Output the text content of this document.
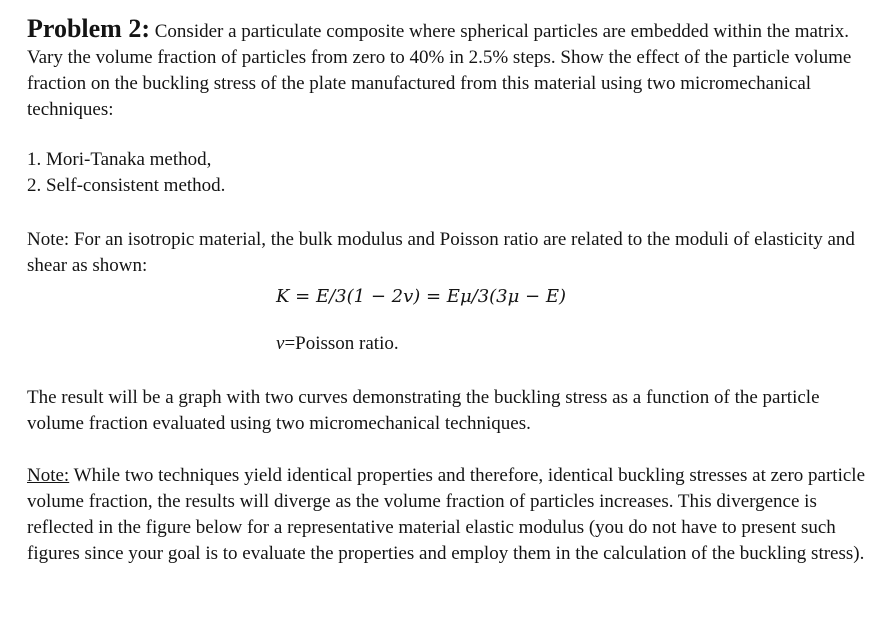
Problem 2: Consider a particulate composite where spherical particles are embedded within the matrix. Vary the volume fraction of particles from zero to 40% in 2.5% steps. Show the effect of the particle volume fraction on the buckling stress of the plate manufactured from this material using two micromechanical techniques:

1. Mori-Tanaka method,

2. Self-consistent method.

Note: For an isotropic material, the bulk modulus and Poisson ratio are related to the moduli of elasticity and shear as shown:

K = E/3(1 − 2v) = Eμ/3(3μ − E)

v=Poisson ratio.

The result will be a graph with two curves demonstrating the buckling stress as a function of the particle volume fraction evaluated using two micromechanical techniques.

Note: While two techniques yield identical properties and therefore, identical buckling stresses at zero particle volume fraction, the results will diverge as the volume fraction of particles increases. This divergence is reflected in the figure below for a representative material elastic modulus (you do not have to present such figures since your goal is to evaluate the properties and employ them in the calculation of the buckling stress).
